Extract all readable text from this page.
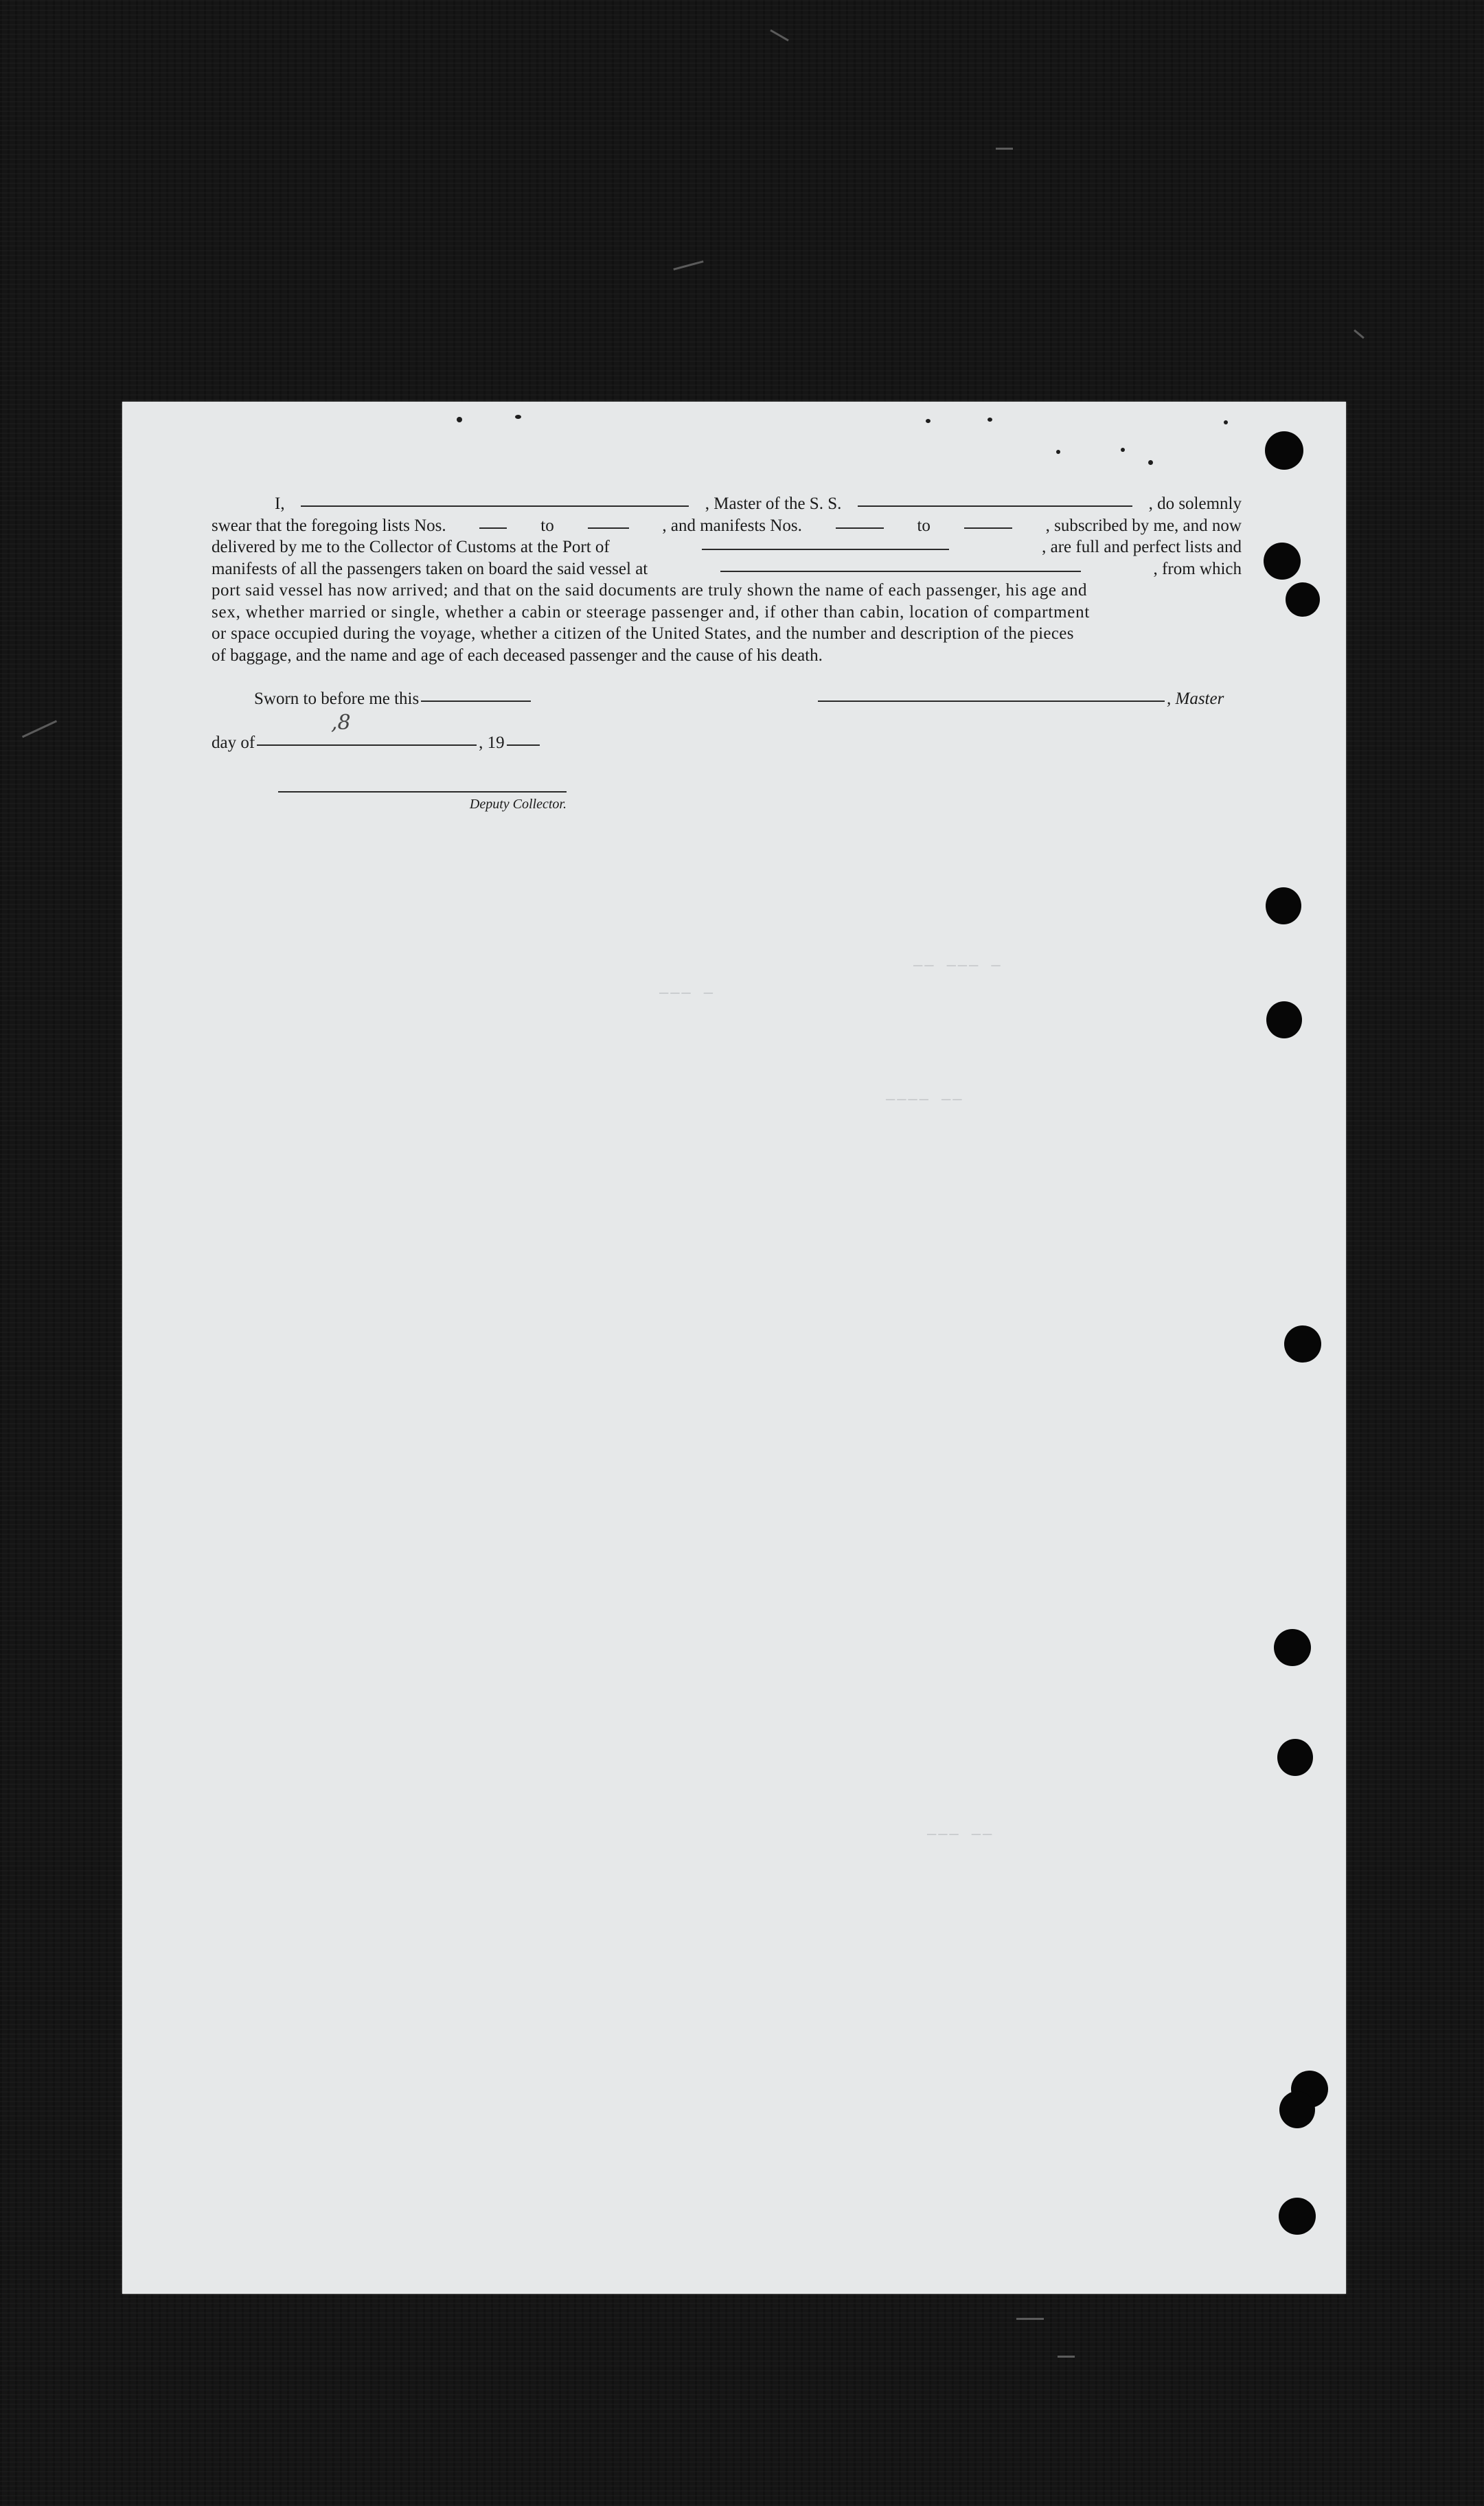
── ─── ─
─── ─
──── ──
─── ──
I,	, Master of the S. S.	, do solemnly
swear that the foregoing lists Nos.	to	, and manifests Nos.	to	, subscribed by me, and now
delivered by me to the Collector of Customs at the Port of	, are full and perfect lists and
manifests of all the passengers taken on board the said vessel at	, from which
port said vessel has now arrived; and that on the said documents are truly shown the name of each passenger, his age and
sex, whether married or single, whether a cabin or steerage passenger and, if other than cabin, location of compartment
or space occupied during the voyage, whether a citizen of the United States, and the number and description of the pieces
of baggage, and the name and age of each deceased passenger and the cause of his death.
Sworn to before me this	, Master
,8
day of	, 19
Deputy Collector.
